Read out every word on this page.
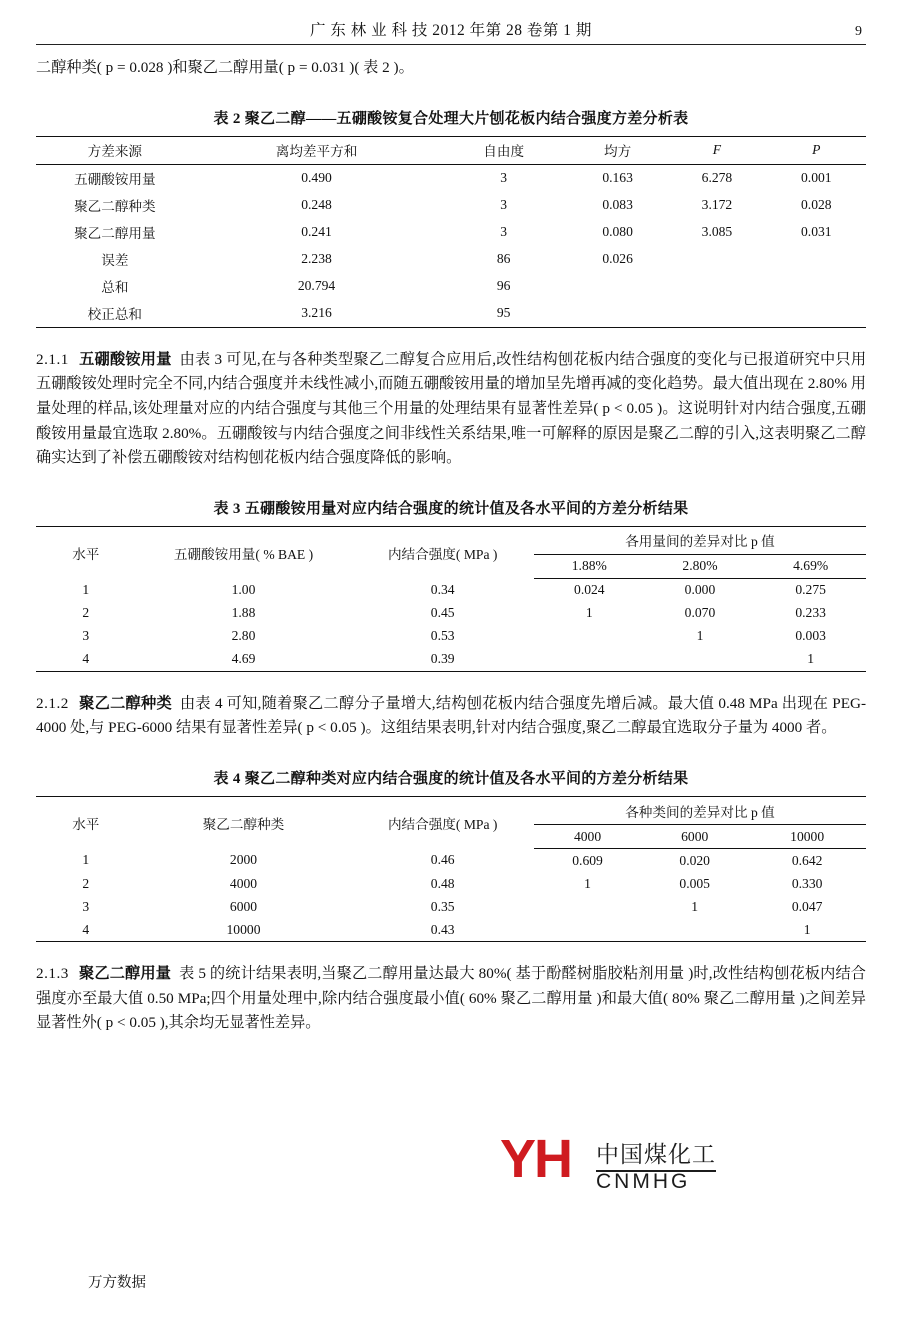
广 东 林 业 科 技 2012 年第 28 卷第 1 期	9

二醇种类( p = 0.028 )和聚乙二醇用量( p = 0.031 )( 表 2 )。

表 2 聚乙二醇——五硼酸铵复合处理大片刨花板内结合强度方差分析表
方差来源	离均差平方和	自由度	均方	F	P
五硼酸铵用量	0.490	3	0.163	6.278	0.001
聚乙二醇种类	0.248	3	0.083	3.172	0.028
聚乙二醇用量	0.241	3	0.080	3.085	0.031
误差	2.238	86	0.026		
总和	20.794	96			
校正总和	3.216	95			

2.1.1 五硼酸铵用量 由表 3 可见,在与各种类型聚乙二醇复合应用后,改性结构刨花板内结合强度的变化与已报道研究中只用五硼酸铵处理时完全不同,内结合强度并未线性减小,而随五硼酸铵用量的增加呈先增再减的变化趋势。最大值出现在 2.80% 用量处理的样品,该处理量对应的内结合强度与其他三个用量的处理结果有显著性差异( p < 0.05 )。这说明针对内结合强度,五硼酸铵用量最宜选取 2.80%。五硼酸铵与内结合强度之间非线性关系结果,唯一可解释的原因是聚乙二醇的引入,这表明聚乙二醇确实达到了补偿五硼酸铵对结构刨花板内结合强度降低的影响。

表 3 五硼酸铵用量对应内结合强度的统计值及各水平间的方差分析结果
水平	五硼酸铵用量( % BAE )	内结合强度( MPa )	各用量间的差异对比 p 值		
			1.88%	2.80%	4.69%
1	1.00	0.34	0.024	0.000	0.275
2	1.88	0.45	1	0.070	0.233
3	2.80	0.53		1	0.003
4	4.69	0.39			1

2.1.2 聚乙二醇种类 由表 4 可知,随着聚乙二醇分子量增大,结构刨花板内结合强度先增后减。最大值 0.48 MPa 出现在 PEG-4000 处,与 PEG-6000 结果有显著性差异( p < 0.05 )。这组结果表明,针对内结合强度,聚乙二醇最宜选取分子量为 4000 者。

表 4 聚乙二醇种类对应内结合强度的统计值及各水平间的方差分析结果
水平	聚乙二醇种类	内结合强度( MPa )	各种类间的差异对比 p 值		
			4000	6000	10000
1	2000	0.46	0.609	0.020	0.642
2	4000	0.48	1	0.005	0.330
3	6000	0.35		1	0.047
4	10000	0.43			1

2.1.3 聚乙二醇用量 表 5 的统计结果表明,当聚乙二醇用量达最大 80%( 基于酚醛树脂胶粘剂用量 )时,改性结构刨花板内结合强度亦至最大值 0.50 MPa;四个用量处理中,除内结合强度最小值( 60% 聚乙二醇用量 )和最大值( 80% 聚乙二醇用量 )之间差异显著性外( p < 0.05 ),其余均无显著性差异。

YH 中国煤化工
CNMHG
万方数据
